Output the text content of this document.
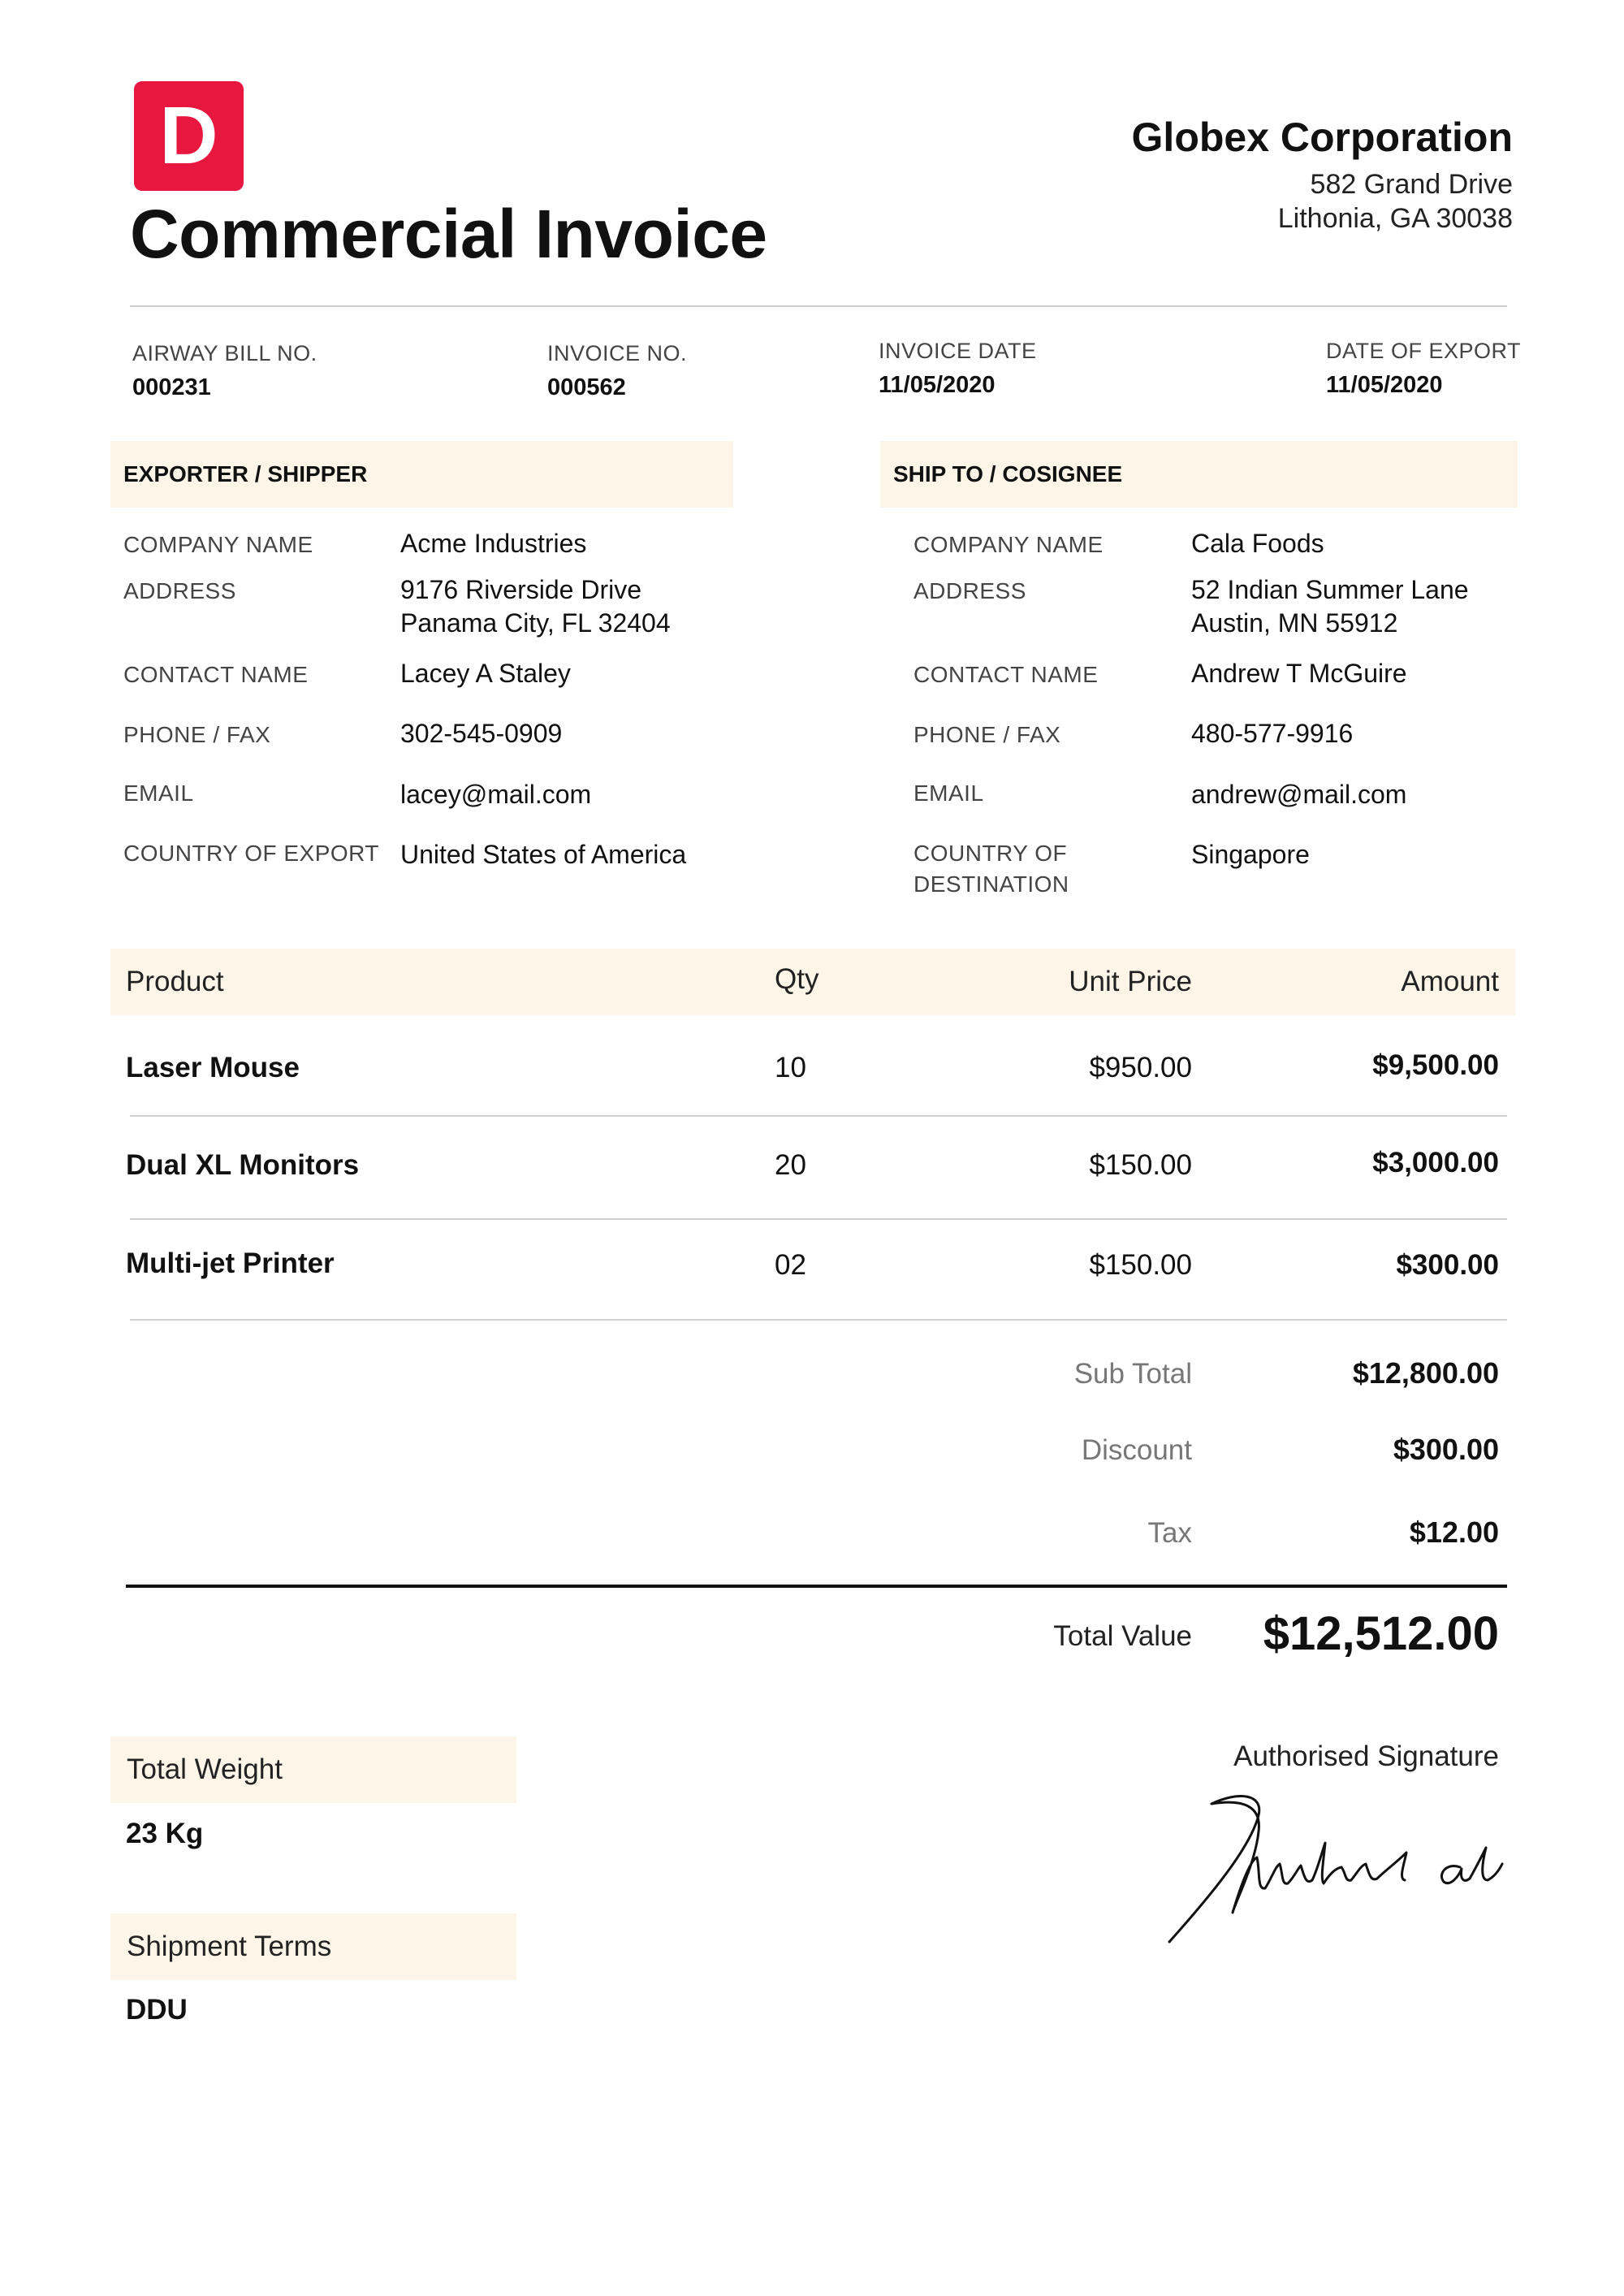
D
Commercial Invoice
Globex Corporation
582 Grand Drive
Lithonia, GA 30038
AIRWAY BILL NO.
000231
INVOICE NO.
000562
INVOICE DATE
11/05/2020
DATE OF EXPORT
11/05/2020
EXPORTER / SHIPPER	SHIP TO / COSIGNEE
COMPANY NAME	Acme Industries
ADDRESS	9176 Riverside Drive
Panama City, FL 32404
CONTACT NAME	Lacey A Staley
PHONE / FAX	302-545-0909
EMAIL	lacey@mail.com
COUNTRY OF EXPORT United States of America
COMPANY NAME	Cala Foods
ADDRESS	52 Indian Summer Lane
Austin, MN 55912
CONTACT NAME	Andrew T McGuire
PHONE / FAX	480-577-9916
EMAIL	andrew@mail.com
COUNTRY OF
DESTINATION
Singapore
Product	Qty	Unit Price	Amount
Laser Mouse	10	$950.00	$9,500.00
Dual XL Monitors	20	$150.00	$3,000.00
Multi-jet Printer	02	$150.00	$300.00
Sub Total	$12,800.00
Discount	$300.00
Tax	$12.00
Total Value	$12,512.00
Total Weight
23 Kg
Shipment Terms
DDU
Authorised Signature
